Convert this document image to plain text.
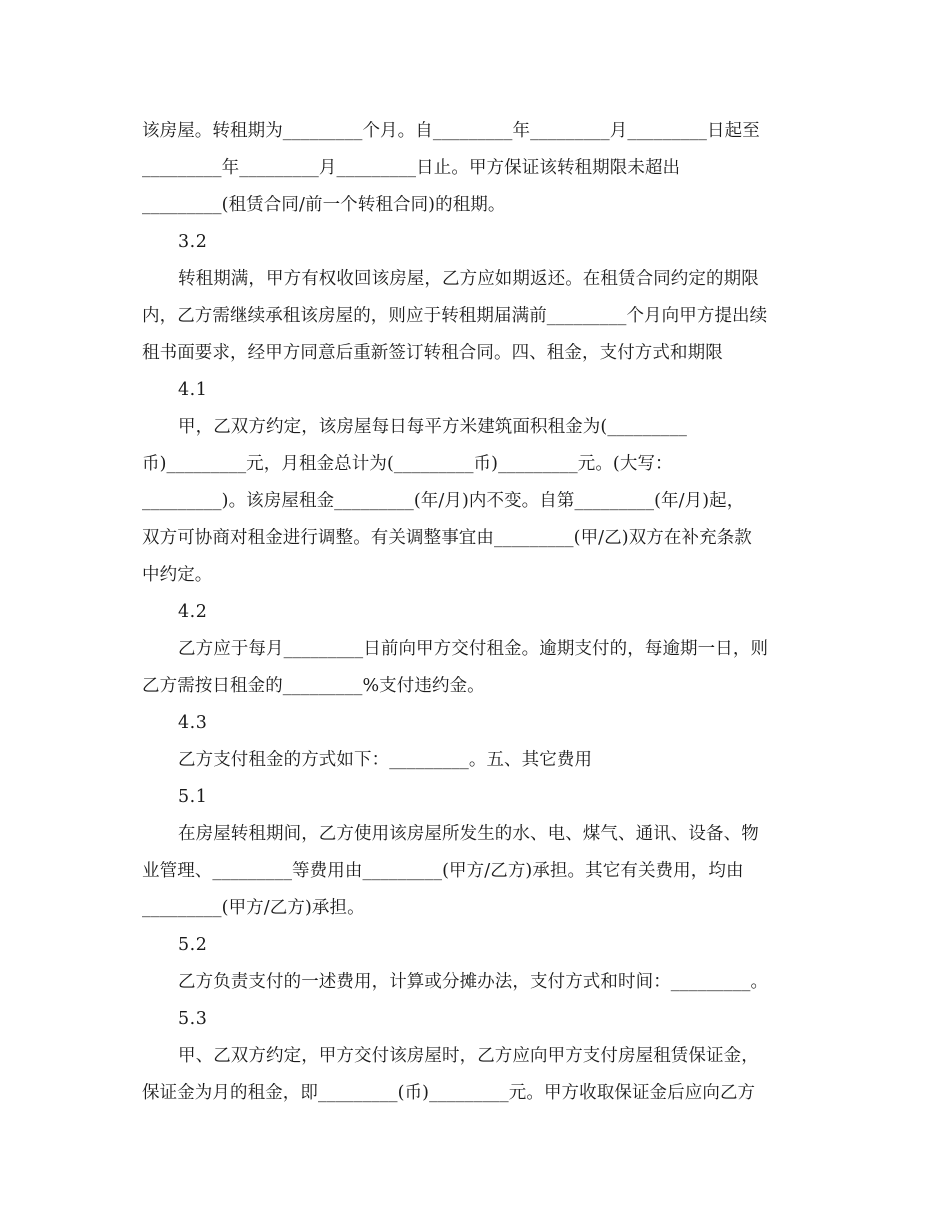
该房屋。转租期为_________个月。自_________年_________月_________日起至
_________年_________月_________日止。甲方保证该转租期限未超出
_________(租赁合同/前一个转租合同)的租期。
3.2
转租期满，甲方有权收回该房屋，乙方应如期返还。在租赁合同约定的期限
内，乙方需继续承租该房屋的，则应于转租期届满前_________个月向甲方提出续
租书面要求，经甲方同意后重新签订转租合同。四、租金，支付方式和期限
4.1
甲，乙双方约定，该房屋每日每平方米建筑面积租金为(_________
币)_________元，月租金总计为(_________币)_________元。(大写：
_________)。该房屋租金_________(年/月)内不变。自第_________(年/月)起，
双方可协商对租金进行调整。有关调整事宜由_________(甲/乙)双方在补充条款
中约定。
4.2
乙方应于每月_________日前向甲方交付租金。逾期支付的，每逾期一日，则
乙方需按日租金的_________%支付违约金。
4.3
乙方支付租金的方式如下：_________。五、其它费用
5.1
在房屋转租期间，乙方使用该房屋所发生的水、电、煤气、通讯、设备、物
业管理、_________等费用由_________(甲方/乙方)承担。其它有关费用，均由
_________(甲方/乙方)承担。
5.2
乙方负责支付的一述费用，计算或分摊办法，支付方式和时间：_________。
5.3
甲、乙双方约定，甲方交付该房屋时，乙方应向甲方支付房屋租赁保证金，
保证金为月的租金，即_________(币)_________元。甲方收取保证金后应向乙方
